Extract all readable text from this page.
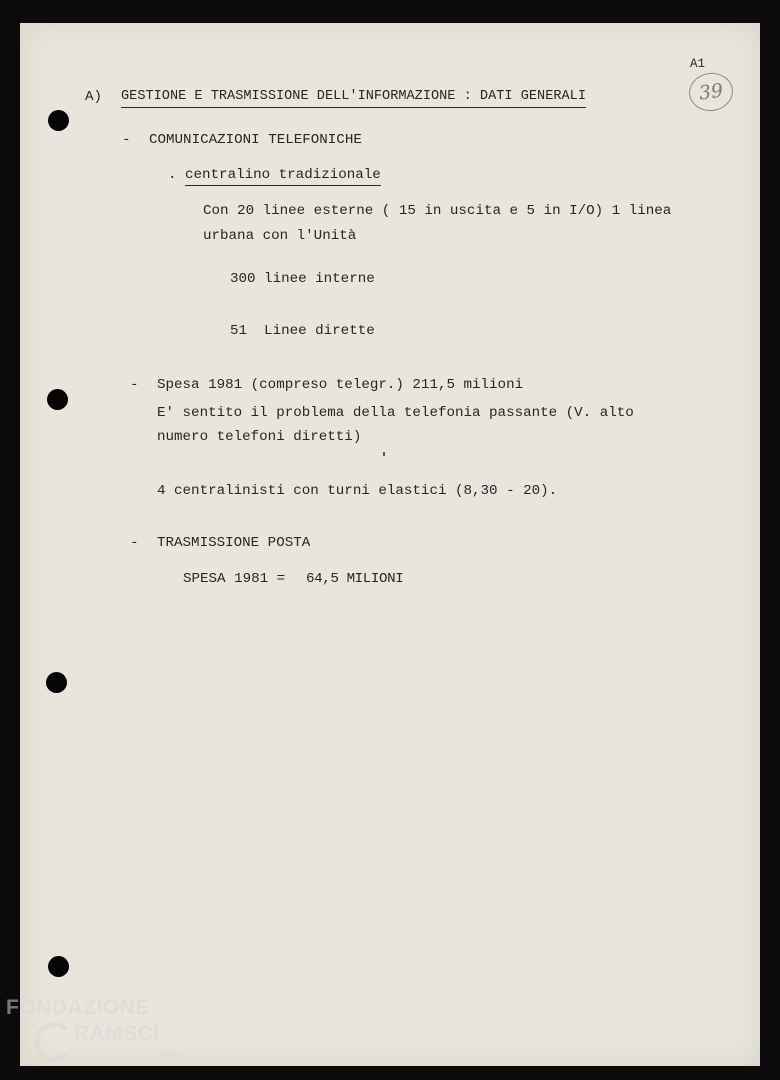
A1
39
A) GESTIONE E TRASMISSIONE DELL'INFORMAZIONE : DATI GENERALI
- COMUNICAZIONI TELEFONICHE
. centralino tradizionale
Con 20 linee esterne ( 15 in uscita e 5 in I/O) 1 linea
urbana con l'Unità
300 linee interne
51  Linee dirette
- Spesa 1981 (compreso telegr.) 211,5 milioni
E' sentito il problema della telefonia passante (V. alto
numero telefoni diretti)
4 centralinisti con turni elastici (8,30 - 20).
- TRASMISSIONE POSTA
SPESA 1981 = 64,5 MILIONI
FONDAZIONE
RAMSCI
onlus
